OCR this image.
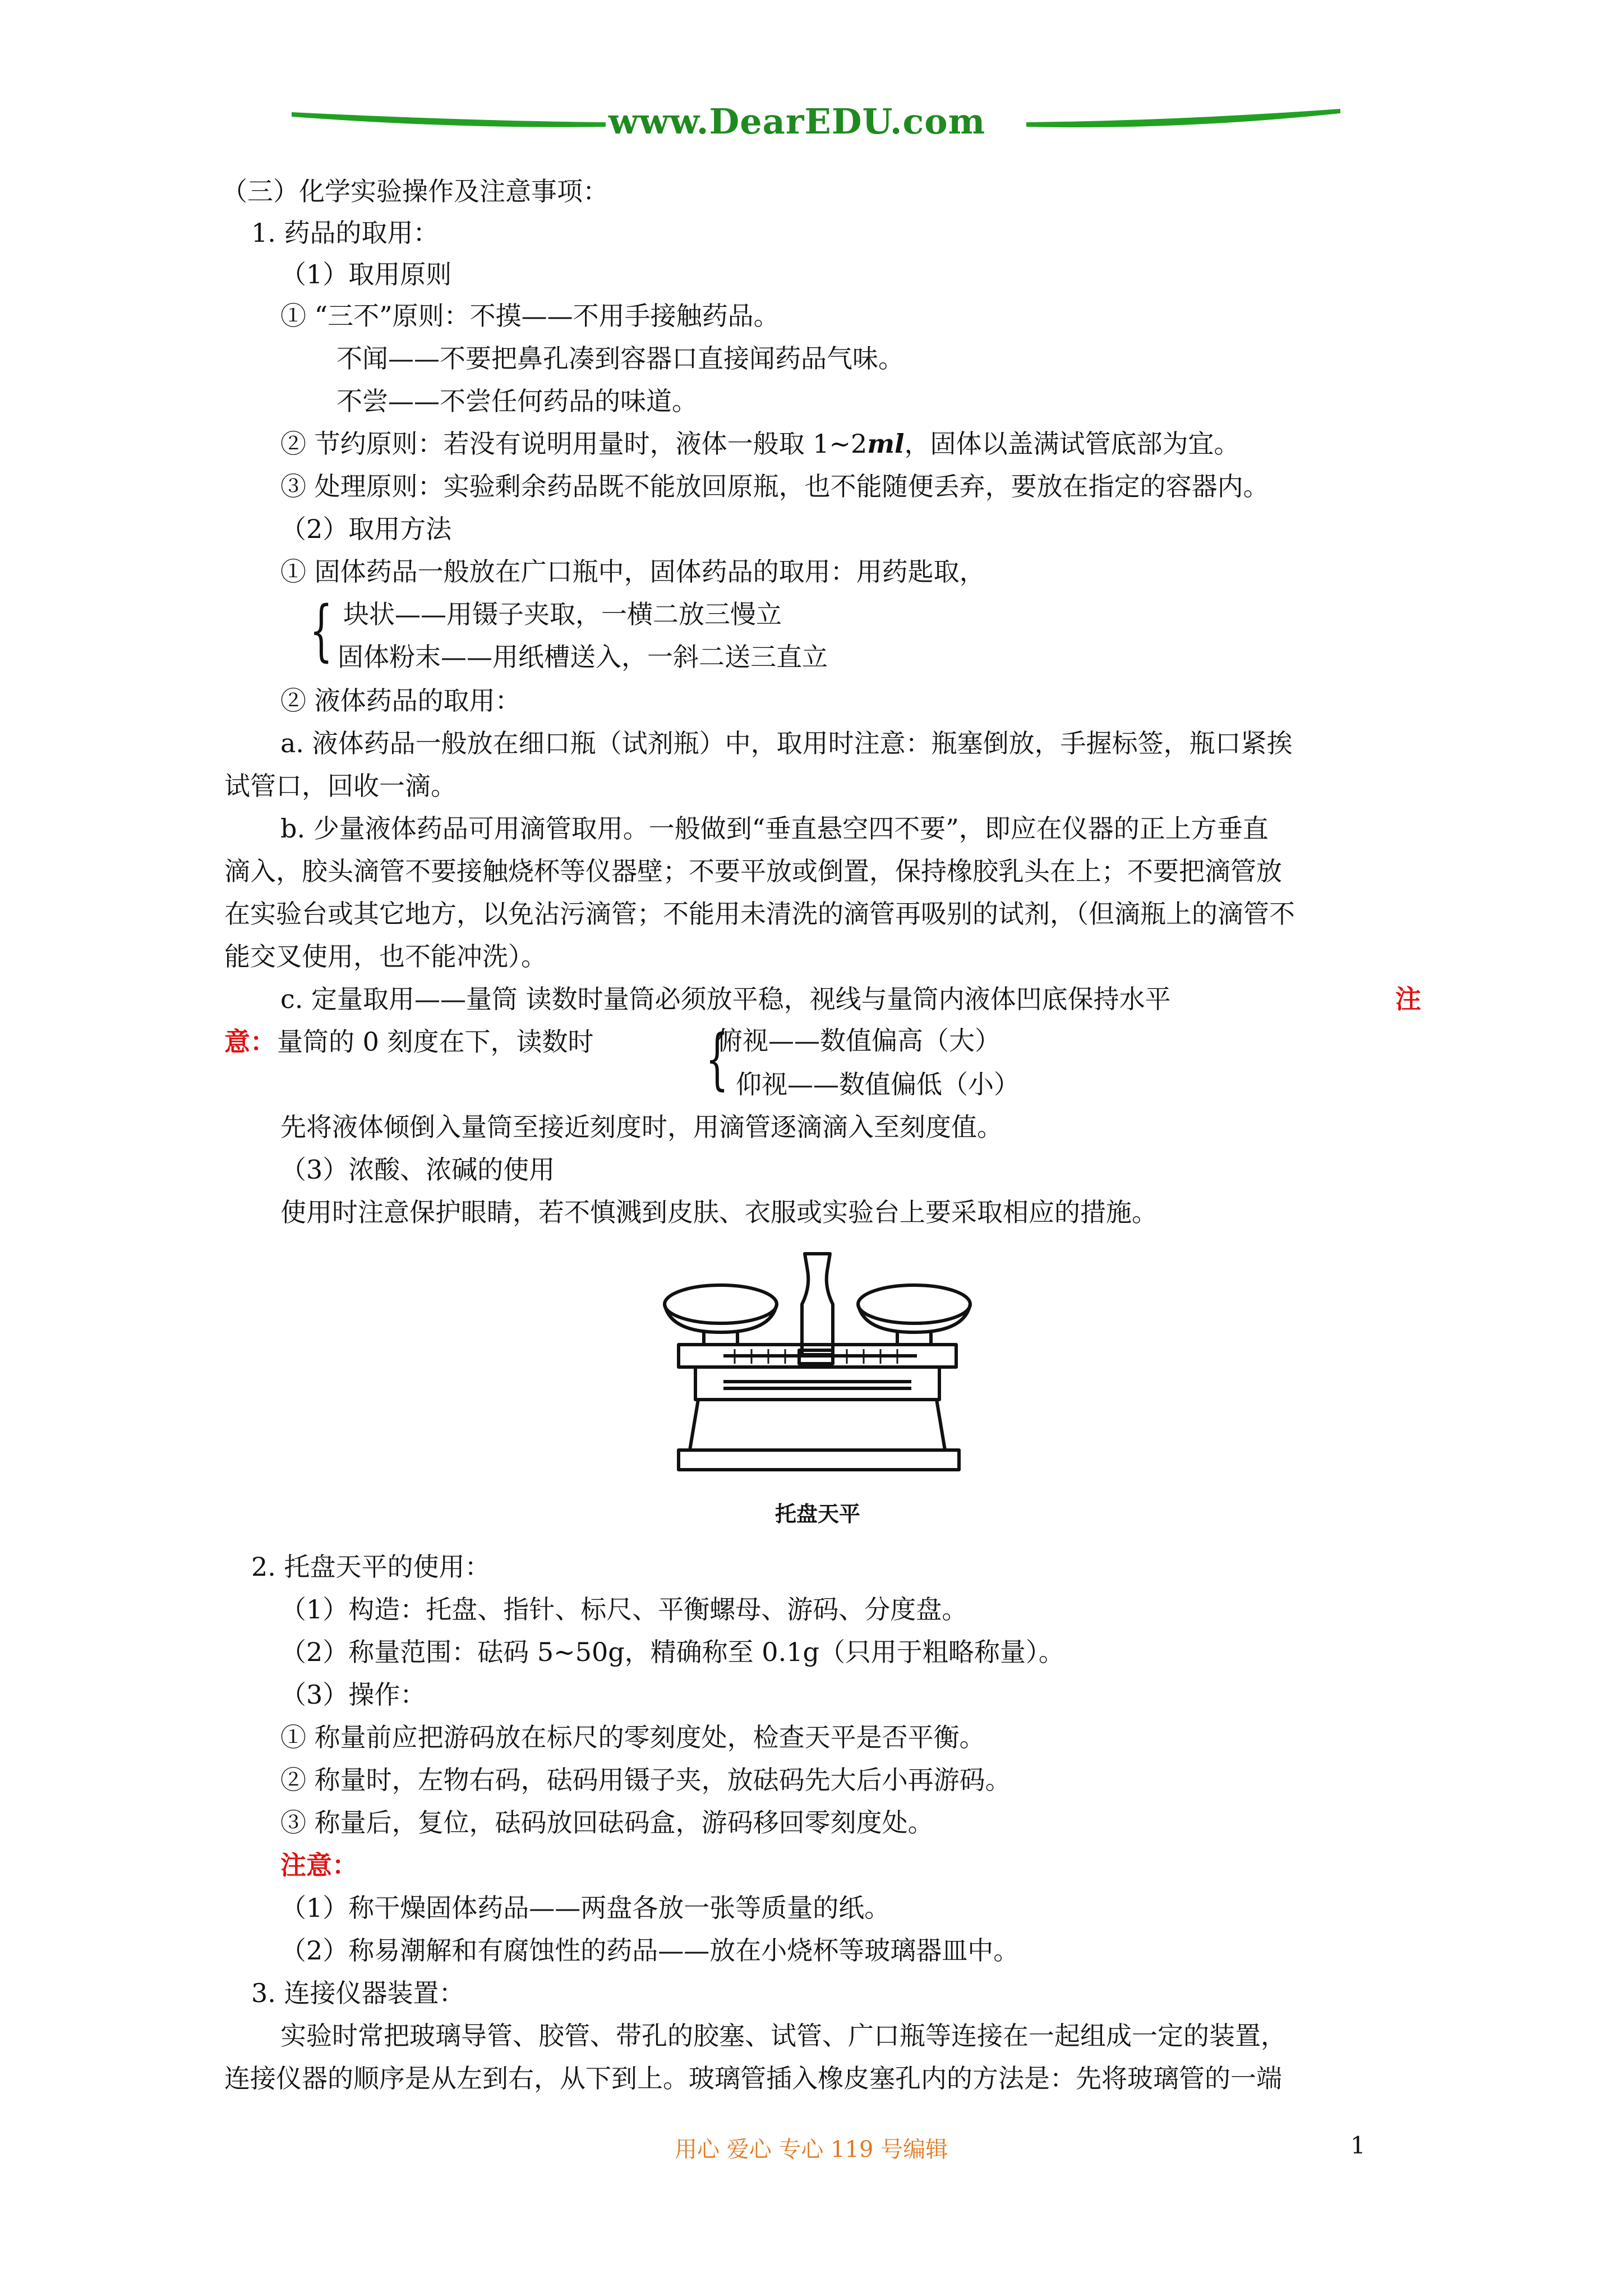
www.DearEDU.com
（三）化学实验操作及注意事项：
1. 药品的取用：
（1）取用原则
① “三不”原则：不摸——不用手接触药品。
不闻——不要把鼻孔凑到容器口直接闻药品气味。
不尝——不尝任何药品的味道。
② 节约原则：若没有说明用量时，液体一般取 1~2ml，固体以盖满试管底部为宜。
③ 处理原则：实验剩余药品既不能放回原瓶，也不能随便丢弃，要放在指定的容器内。
（2）取用方法
① 固体药品一般放在广口瓶中，固体药品的取用：用药匙取，
{ 块状——用镊子夹取，一横二放三慢立
固体粉末——用纸槽送入，一斜二送三直立
② 液体药品的取用：
a. 液体药品一般放在细口瓶（试剂瓶）中，取用时注意：瓶塞倒放，手握标签，瓶口紧挨
试管口，回收一滴。
b. 少量液体药品可用滴管取用。一般做到“垂直悬空四不要”，即应在仪器的正上方垂直
滴入，胶头滴管不要接触烧杯等仪器壁；不要平放或倒置，保持橡胶乳头在上；不要把滴管放
在实验台或其它地方，以免沾污滴管；不能用未清洗的滴管再吸别的试剂，（但滴瓶上的滴管不
能交叉使用，也不能冲洗）。
c. 定量取用——量筒 读数时量筒必须放平稳，视线与量筒内液体凹底保持水平	注
意： 量筒的 0 刻度在下，读数时 {
俯视——数值偏高（大）
仰视——数值偏低（小）
先将液体倾倒入量筒至接近刻度时，用滴管逐滴滴入至刻度值。
（3）浓酸、浓碱的使用
使用时注意保护眼睛，若不慎溅到皮肤、衣服或实验台上要采取相应的措施。
托盘天平
2. 托盘天平的使用：
（1）构造：托盘、指针、标尺、平衡螺母、游码、分度盘。
（2）称量范围：砝码 5~50g，精确称至 0.1g（只用于粗略称量）。
（3）操作：
① 称量前应把游码放在标尺的零刻度处，检查天平是否平衡。
② 称量时，左物右码，砝码用镊子夹，放砝码先大后小再游码。
③ 称量后，复位，砝码放回砝码盒，游码移回零刻度处。
注意：
（1）称干燥固体药品——两盘各放一张等质量的纸。
（2）称易潮解和有腐蚀性的药品——放在小烧杯等玻璃器皿中。
3. 连接仪器装置：
实验时常把玻璃导管、胶管、带孔的胶塞、试管、广口瓶等连接在一起组成一定的装置，
连接仪器的顺序是从左到右，从下到上。玻璃管插入橡皮塞孔内的方法是：先将玻璃管的一端
用心 爱心 专心 119 号编辑	1
